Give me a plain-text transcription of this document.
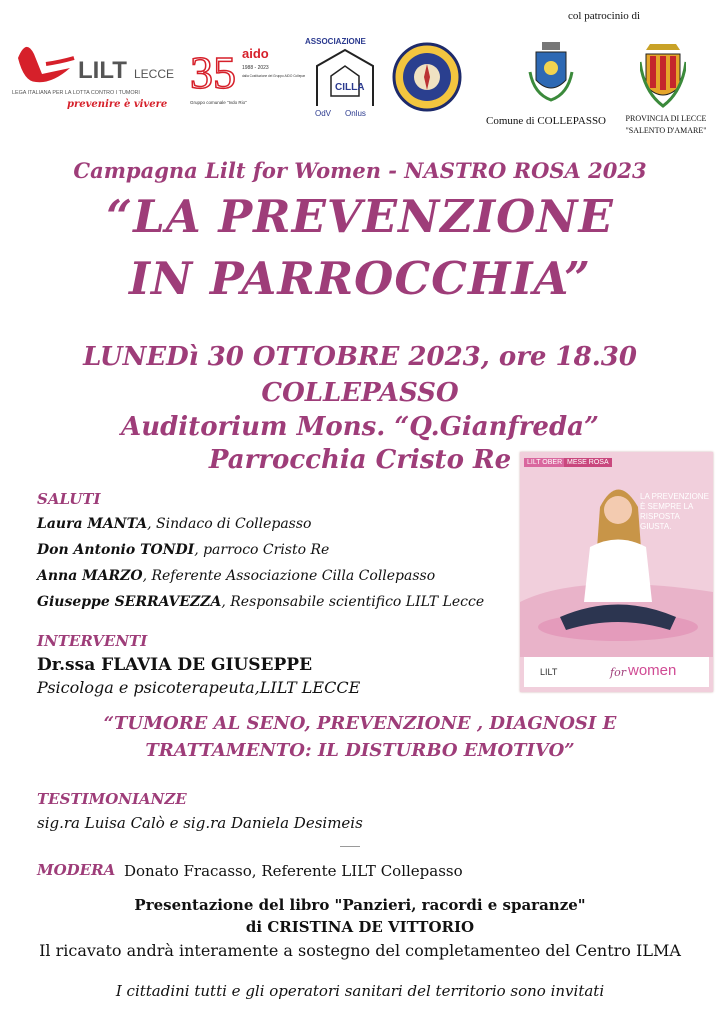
col patrocinio di
LILT LECCE
LEGA ITALIANA PER LA LOTTA CONTRO I TUMORI
prevenire è vivere
35 aido
1988 - 2023
dalla Costituzione del Gruppo AIDO Collepasso
Gruppo comunale "Ivdo Rio"
ASSOCIAZIONE
CILLA
OdV Onlus
Comune di COLLEPASSO	PROVINCIA DI LECCE
"SALENTO D'AMARE"
Campagna Lilt for Women - NASTRO ROSA 2023
“LA PREVENZIONE
IN PARROCCHIA”
LUNEDì 30 OTTOBRE 2023, ore 18.30
COLLEPASSO
Auditorium Mons. “Q.Gianfreda”
Parrocchia Cristo Re
SALUTI
Laura MANTA, Sindaco di Collepasso
Don Antonio TONDI, parroco Cristo Re
Anna MARZO, Referente Associazione Cilla Collepasso
Giuseppe SERRAVEZZA, Responsabile scientifico LILT Lecce
LILT OBER MESE ROSA
LA PREVENZIONE È SEMPRE LA RISPOSTA GIUSTA.
LILT	for women
INTERVENTI
Dr.ssa FLAVIA DE GIUSEPPE
Psicologa e psicoterapeuta,LILT LECCE
“TUMORE AL SENO, PREVENZIONE , DIAGNOSI E
TRATTAMENTO: IL DISTURBO EMOTIVO”
TESTIMONIANZE
sig.ra Luisa Calò e sig.ra Daniela Desimeis
MODERA Donato Fracasso, Referente LILT Collepasso
Presentazione del libro "Panzieri, racordi e sparanze"
di CRISTINA DE VITTORIO
Il ricavato andrà interamente a sostegno del completamenteo del Centro ILMA
I cittadini tutti e gli operatori sanitari del territorio sono invitati
